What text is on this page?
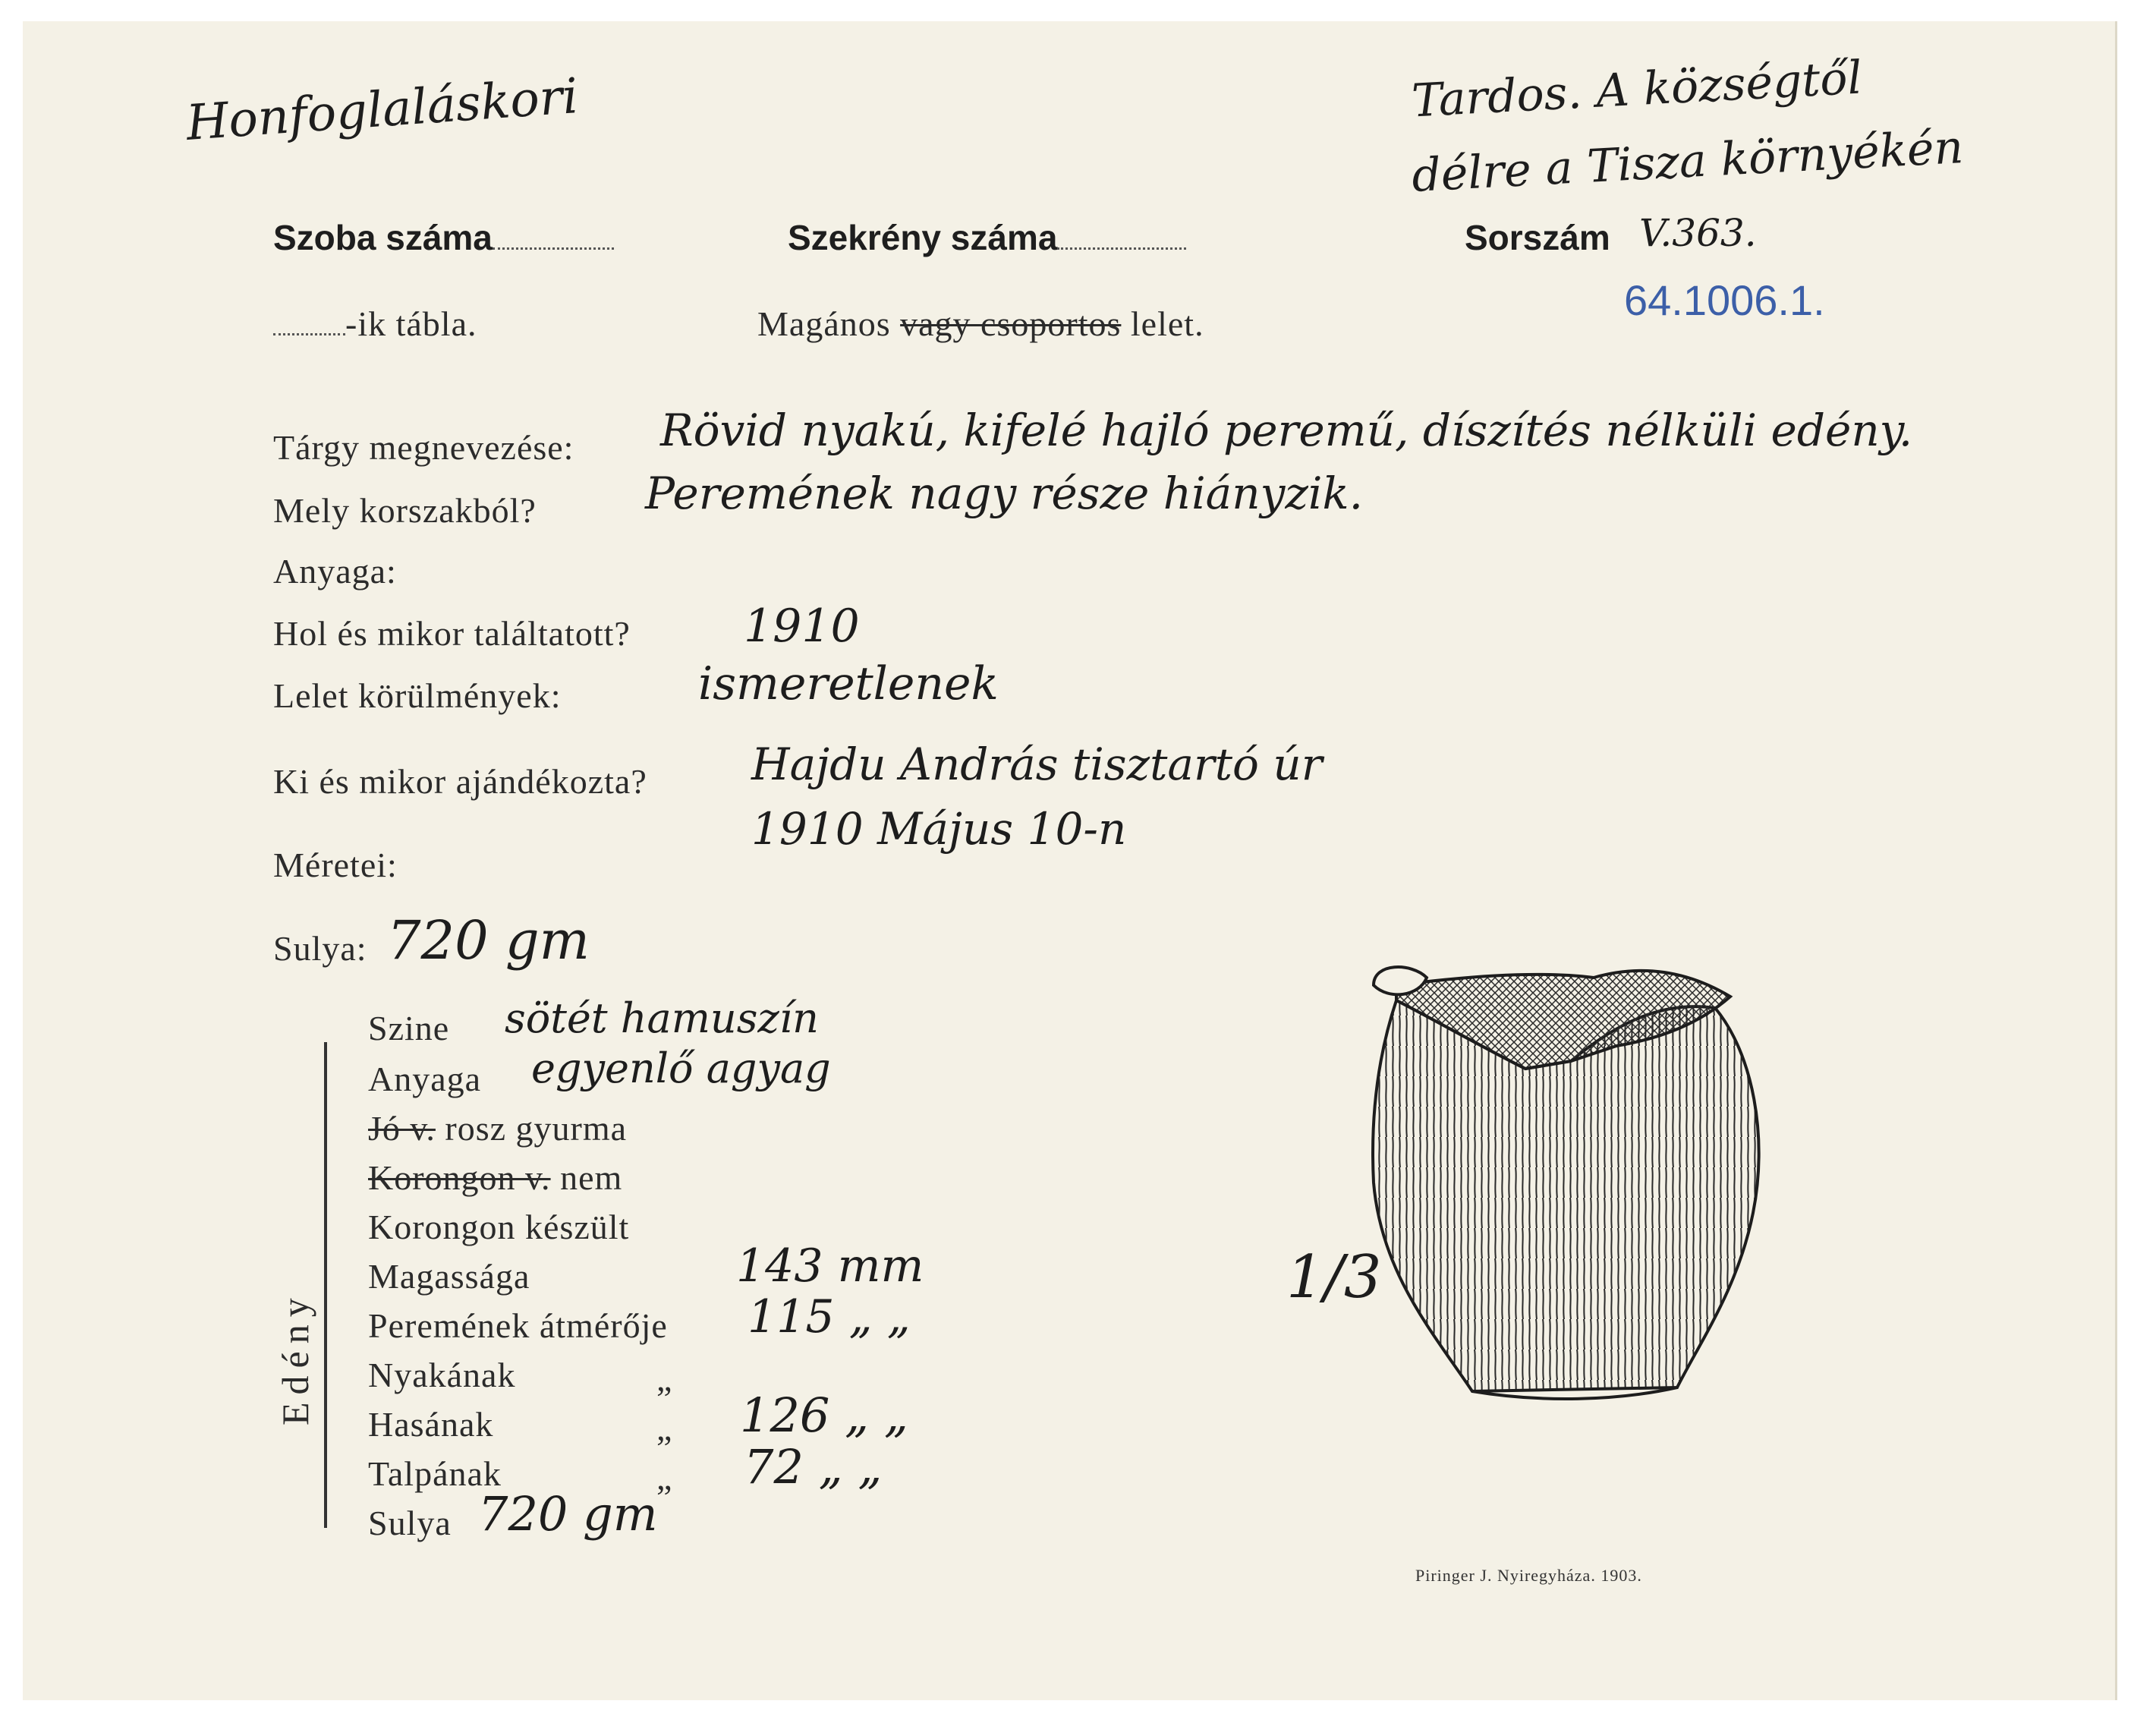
Honfoglaláskori	Tardos. A községtől
délre a Tisza környékén
Szoba száma	Szekrény száma	Sorszám V.363.
64.1006.1.
-ik tábla.	Magános vagy csoportos lelet.
Tárgy megnevezése: Rövid nyakú, kifelé hajló peremű, díszítés nélküli edény.
Mely korszakból? Peremének nagy része hiányzik.
Anyaga:
Hol és mikor találtatott? 1910
Lelet körülmények:	ismeretlenek
Ki és mikor ajándékozta? Hajdu András tisztartó úr
1910 Május 10-n
Méretei:
Sulya: 720 gm
Edény
Szine sötét hamuszín
Anyaga egyenlő agyag
Jó v. rosz gyurma
Korongon v. nem
Korongon készült
Magassága	143 mm
Peremének átmérője 115 „ „
Nyakának	„
Hasának	„ 126 „ „
Talpának	„ 72 „ „
Sulya 720 gm
1/3
Piringer J. Nyiregyháza. 1903.
